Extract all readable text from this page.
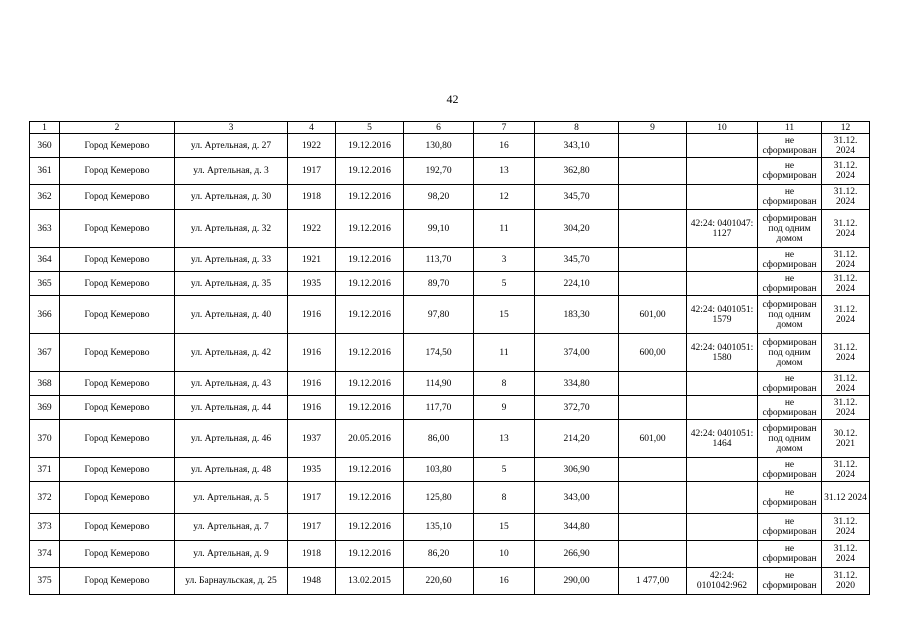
42
1	2	3	4	5	6	7	8	9	10	11	12
360	Город Кемерово	ул. Артельная, д. 27	1922	19.12.2016	130,80	16	343,10			не сформирован	31.12. 2024
361	Город Кемерово	ул. Артельная, д. 3	1917	19.12.2016	192,70	13	362,80			не сформирован	31.12. 2024
362	Город Кемерово	ул. Артельная, д. 30	1918	19.12.2016	98,20	12	345,70			не сформирован	31.12. 2024
363	Город Кемерово	ул. Артельная, д. 32	1922	19.12.2016	99,10	11	304,20		42:24: 0401047: 1127	сформирован под одним домом	31.12. 2024
364	Город Кемерово	ул. Артельная, д. 33	1921	19.12.2016	113,70	3	345,70			не сформирован	31.12. 2024
365	Город Кемерово	ул. Артельная, д. 35	1935	19.12.2016	89,70	5	224,10			не сформирован	31.12. 2024
366	Город Кемерово	ул. Артельная, д. 40	1916	19.12.2016	97,80	15	183,30	601,00	42:24: 0401051: 1579	сформирован под одним домом	31.12. 2024
367	Город Кемерово	ул. Артельная, д. 42	1916	19.12.2016	174,50	11	374,00	600,00	42:24: 0401051: 1580	сформирован под одним домом	31.12. 2024
368	Город Кемерово	ул. Артельная, д. 43	1916	19.12.2016	114,90	8	334,80			не сформирован	31.12. 2024
369	Город Кемерово	ул. Артельная, д. 44	1916	19.12.2016	117,70	9	372,70			не сформирован	31.12. 2024
370	Город Кемерово	ул. Артельная, д. 46	1937	20.05.2016	86,00	13	214,20	601,00	42:24: 0401051: 1464	сформирован под одним домом	30.12. 2021
371	Город Кемерово	ул. Артельная, д. 48	1935	19.12.2016	103,80	5	306,90			не сформирован	31.12. 2024
372	Город Кемерово	ул. Артельная, д. 5	1917	19.12.2016	125,80	8	343,00			не сформирован	31.12 2024
373	Город Кемерово	ул. Артельная, д. 7	1917	19.12.2016	135,10	15	344,80			не сформирован	31.12. 2024
374	Город Кемерово	ул. Артельная, д. 9	1918	19.12.2016	86,20	10	266,90			не сформирован	31.12. 2024
375	Город Кемерово	ул. Барнаульская, д. 25	1948	13.02.2015	220,60	16	290,00	1 477,00	42:24: 0101042:962	не сформирован	31.12. 2020
